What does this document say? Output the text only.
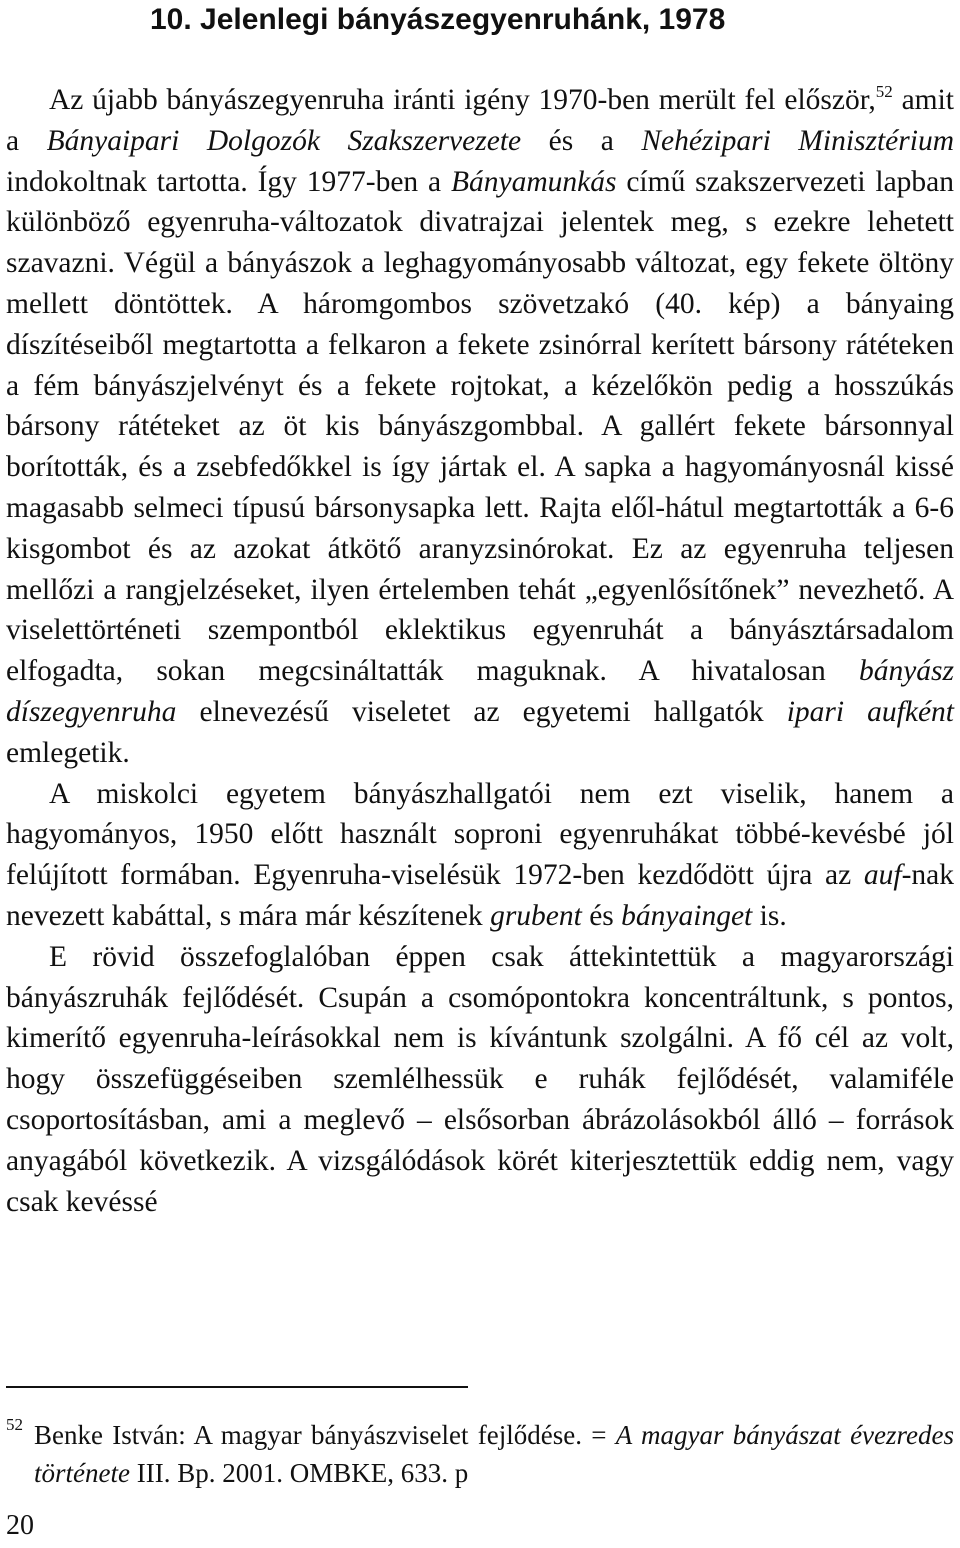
10. Jelenlegi bányászegyenruhánk, 1978

Az újabb bányászegyenruha iránti igény 1970-ben merült fel először,$^{52}$ amit a Bányaipari Dolgozók Szakszervezete és a Nehézipari Minisztérium indokoltnak tartotta. Így 1977-ben a Bányamunkás című szakszervezeti lapban különböző egyenruha-változatok divatrajzai jelentek meg, s ezekre lehetett szavazni. Végül a bányászok a leghagyományosabb változat, egy fekete öltöny mellett döntöttek. A háromgombos szövetzakó (40. kép) a bányaing díszítéseiből megtartotta a felkaron a fekete zsinórral kerített bársony rátéteken a fém bányászjelvényt és a fekete rojtokat, a kézelőkön pedig a hosszúkás bársony rátéteket az öt kis bányászgombbal. A gallért fekete bársonnyal borították, és a zsebfedőkkel is így jártak el. A sapka a hagyományosnál kissé magasabb selmeci típusú bársonysapka lett. Rajta elől-hátul megtartották a 6-6 kisgombot és az azokat átkötő aranyzsinórokat. Ez az egyenruha teljesen mellőzi a rangjelzéseket, ilyen értelemben tehát „egyenlősítőnek” nevezhető. A viselettörténeti szempontból eklektikus egyenruhát a bányásztársadalom elfogadta, sokan megcsináltatták maguknak. A hivatalosan bányász díszegyenruha elnevezésű viseletet az egyetemi hallgatók ipari aufként emlegetik.

A miskolci egyetem bányászhallgatói nem ezt viselik, hanem a hagyományos, 1950 előtt használt soproni egyenruhákat többé-kevésbé jól felújított formában. Egyenruha-viselésük 1972-ben kezdődött újra az auf-nak nevezett kabáttal, s mára már készítenek grubent és bányainget is.

E rövid összefoglalóban éppen csak áttekintettük a magyarországi bányászruhák fejlődését. Csupán a csomópontokra koncentráltunk, s pontos, kimerítő egyenruha-leírásokkal nem is kívántunk szolgálni. A fő cél az volt, hogy összefüggéseiben szemlélhessük e ruhák fejlődését, valamiféle csoportosításban, ami a meglevő – elsősorban ábrázolásokból álló – források anyagából következik. A vizsgálódások körét kiterjesztettük eddig nem, vagy csak kevéssé

52 Benke István: A magyar bányászviselet fejlődése. = A magyar bányászat évezredes története III. Bp. 2001. OMBKE, 633. p

20
